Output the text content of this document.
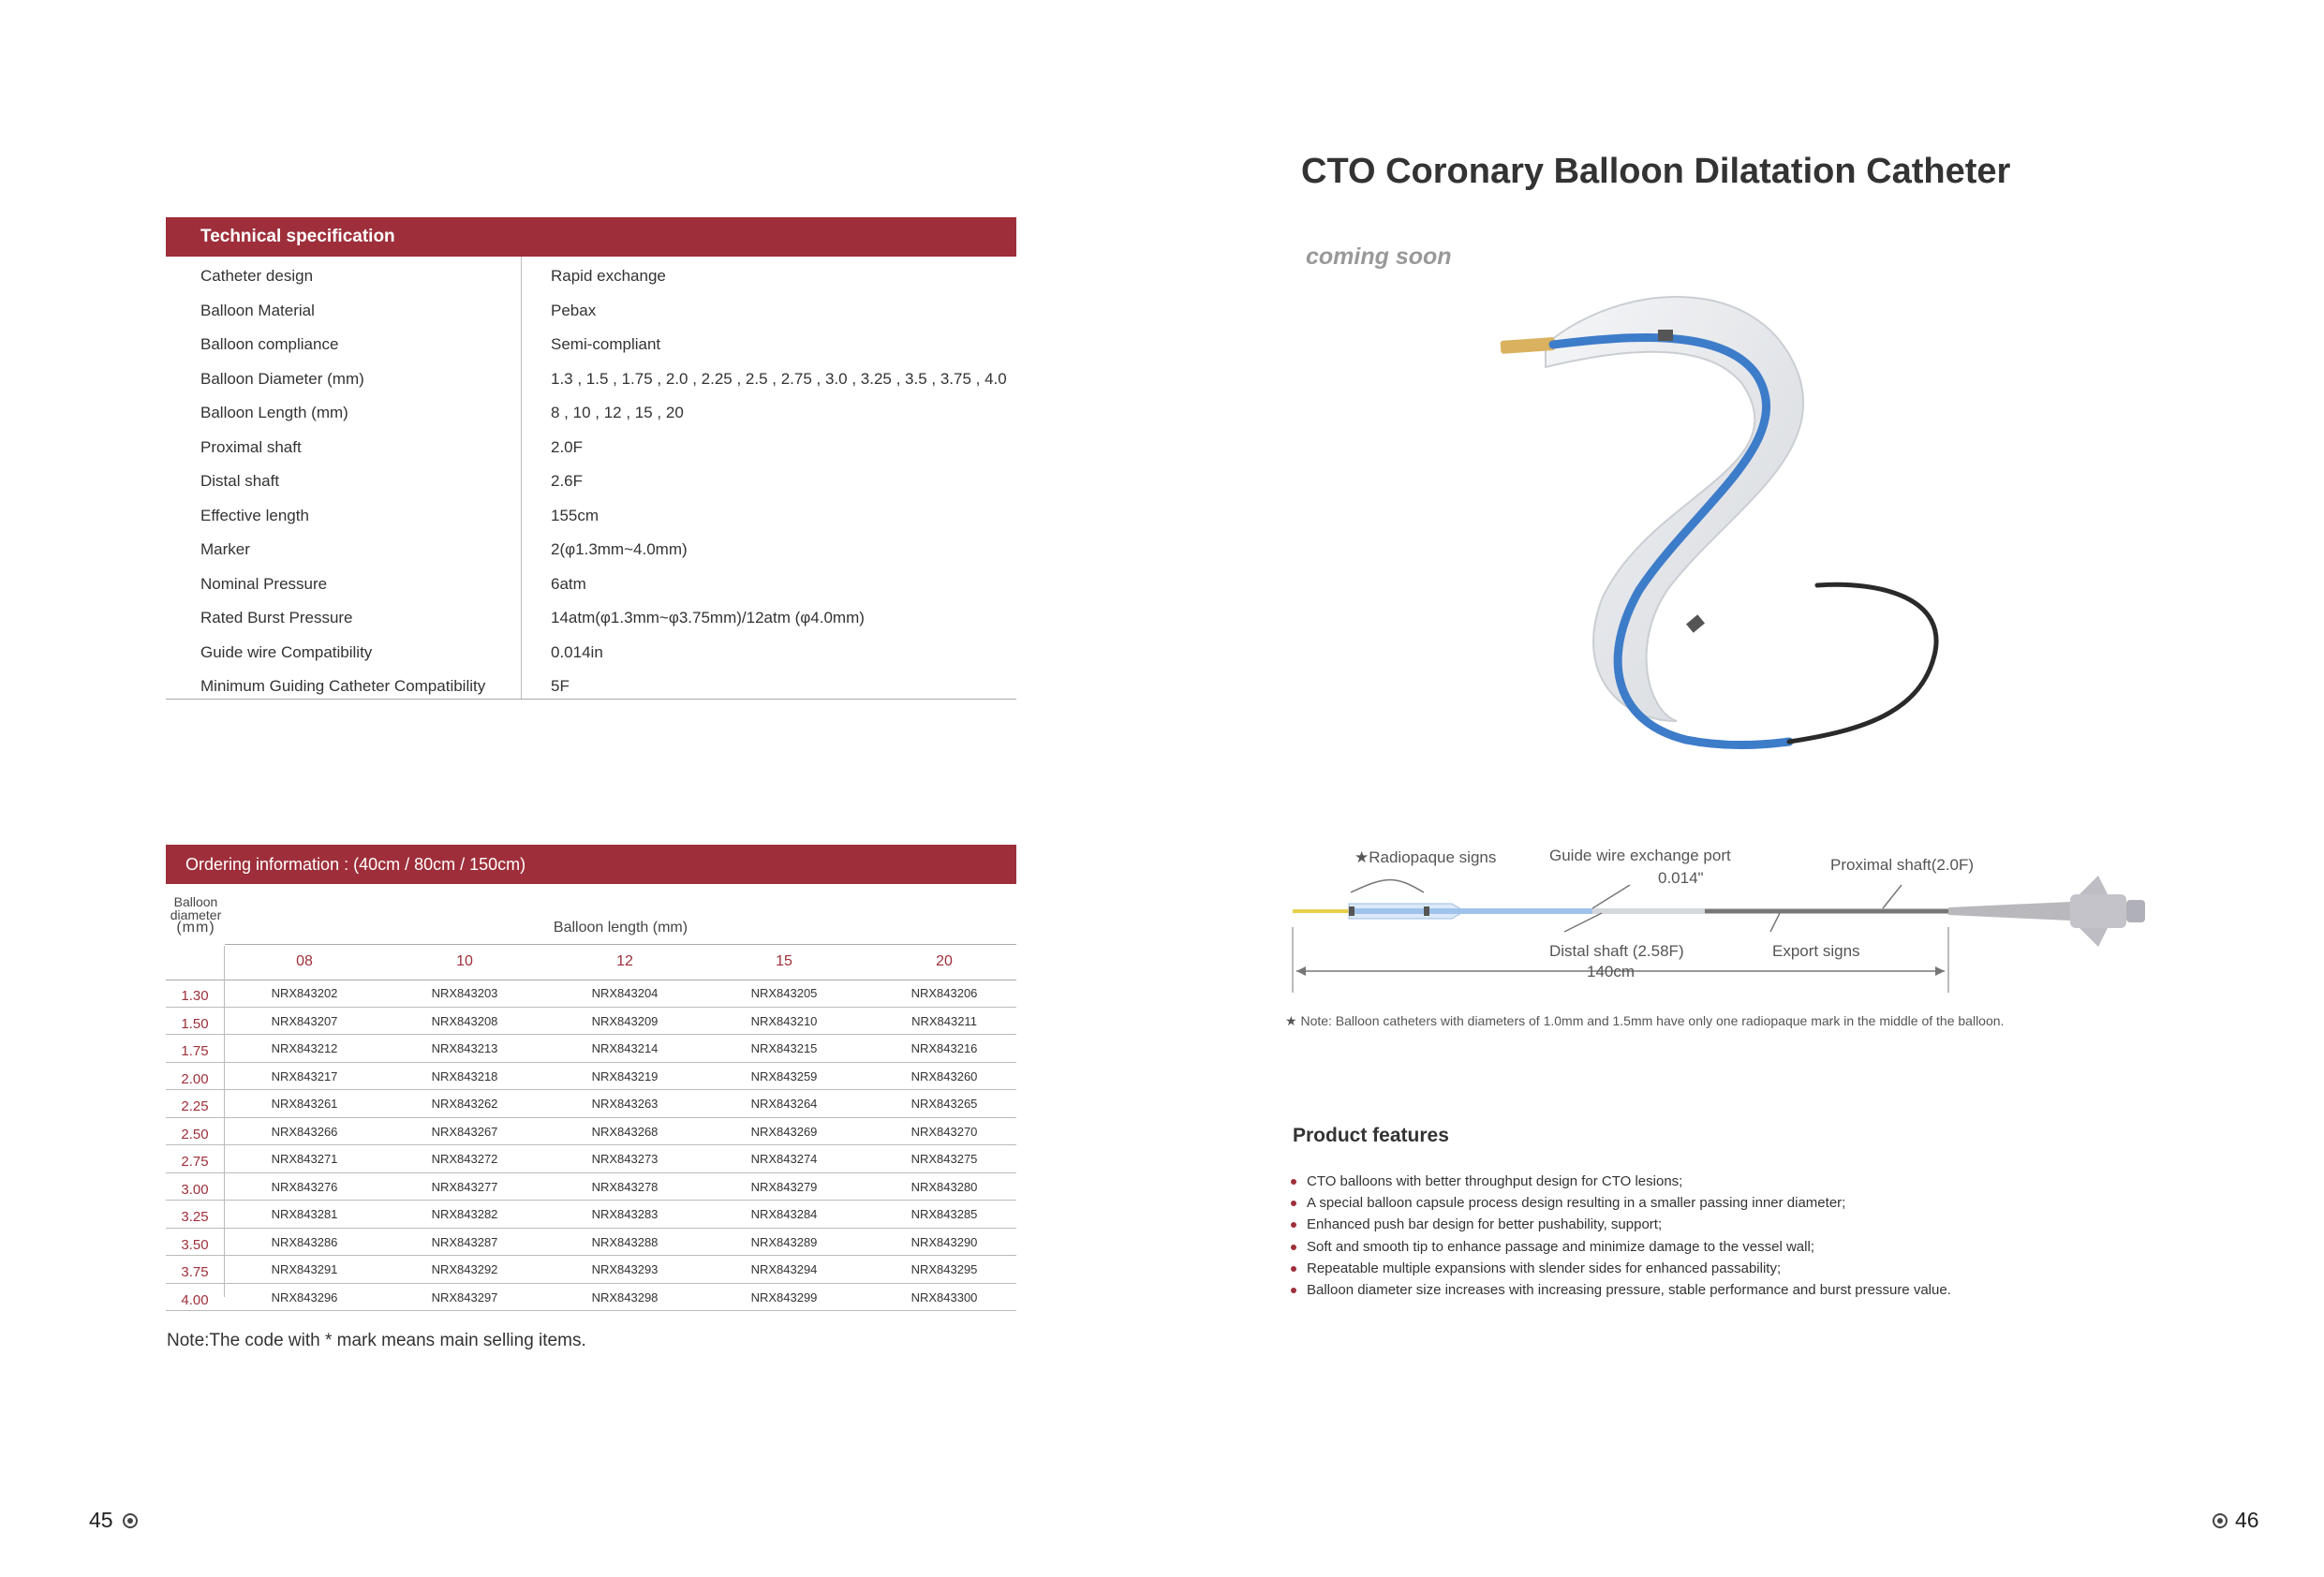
Technical specification
Catheter design	Rapid exchange
Balloon Material	Pebax
Balloon compliance	Semi-compliant
Balloon Diameter (mm)	1.3 , 1.5 , 1.75 , 2.0 , 2.25 , 2.5 , 2.75 , 3.0 , 3.25 , 3.5 , 3.75 , 4.0
Balloon Length (mm)	8 , 10 , 12 , 15 , 20
Proximal shaft	2.0F
Distal shaft	2.6F
Effective length	155cm
Marker	2(φ1.3mm~4.0mm)
Nominal Pressure	6atm
Rated Burst Pressure	14atm(φ1.3mm~φ3.75mm)/12atm (φ4.0mm)
Guide wire Compatibility	0.014in
Minimum Guiding Catheter Compatibility	5F
Ordering information : (40cm / 80cm / 150cm)
Balloon
diameter
(mm)	Balloon length (mm)
08	10	12	15	20
1.30	NRX843202	NRX843203	NRX843204	NRX843205	NRX843206
1.50	NRX843207	NRX843208	NRX843209	NRX843210	NRX843211
1.75	NRX843212	NRX843213	NRX843214	NRX843215	NRX843216
2.00	NRX843217	NRX843218	NRX843219	NRX843259	NRX843260
2.25	NRX843261	NRX843262	NRX843263	NRX843264	NRX843265
2.50	NRX843266	NRX843267	NRX843268	NRX843269	NRX843270
2.75	NRX843271	NRX843272	NRX843273	NRX843274	NRX843275
3.00	NRX843276	NRX843277	NRX843278	NRX843279	NRX843280
3.25	NRX843281	NRX843282	NRX843283	NRX843284	NRX843285
3.50	NRX843286	NRX843287	NRX843288	NRX843289	NRX843290
3.75	NRX843291	NRX843292	NRX843293	NRX843294	NRX843295
4.00	NRX843296	NRX843297	NRX843298	NRX843299	NRX843300
Note:The code with * mark means main selling items.
45
CTO Coronary Balloon Dilatation Catheter
coming soon
★Radiopaque signs	Guide wire exchange port
0.014"
Proximal shaft(2.0F)
Distal shaft (2.58F)	Export signs
140cm
★ Note: Balloon catheters with diameters of 1.0mm and 1.5mm have only one radiopaque mark in the middle of the balloon.
Product features
CTO balloons with better throughput design for CTO lesions;
A special balloon capsule process design resulting in a smaller passing inner diameter;
Enhanced push bar design for better pushability, support;
Soft and smooth tip to enhance passage and minimize damage to the vessel wall;
Repeatable multiple expansions with slender sides for enhanced passability;
Balloon diameter size increases with increasing pressure, stable performance and burst pressure value.
46
